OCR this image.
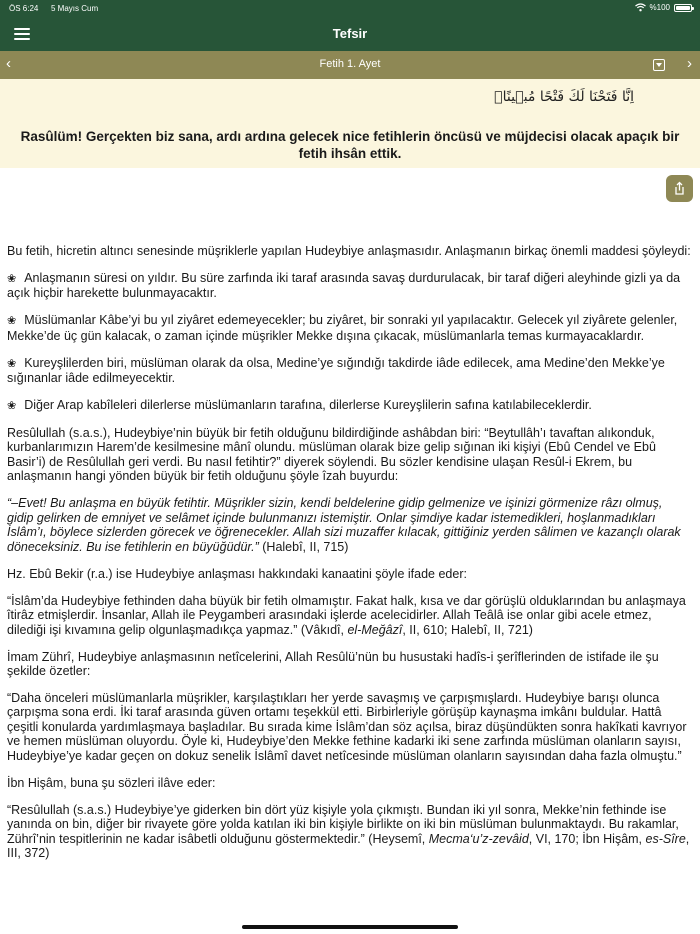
ÖS 6:24 5 Mayıs Cum	%100
Tefsir
‹	Fetih 1. Ayet	›
اِنَّا فَتَحْنَا لَكَ فَتْحًا مُبٖينًاۙ
Rasûlüm! Gerçekten biz sana, ardı ardına gelecek nice fetihlerin öncüsü ve müjdecisi olacak apaçık bir fetih ihsân ettik.

Bu fetih, hicretin altıncı senesinde müşriklerle yapılan Hudeybiye anlaşmasıdır. Anlaşmanın birkaç önemli maddesi şöyleydi:

❀ Anlaşmanın süresi on yıldır. Bu süre zarfında iki taraf arasında savaş durdurulacak, bir taraf diğeri aleyhinde gizli ya da açık hiçbir harekette bulunmayacaktır.

❀ Müslümanlar Kâbe’yi bu yıl ziyâret edemeyecekler; bu ziyâret, bir sonraki yıl yapılacaktır. Gelecek yıl ziyârete gelenler, Mekke’de üç gün kalacak, o zaman içinde müşrikler Mekke dışına çıkacak, müslümanlarla temas kurmayacaklardır.

❀ Kureyşlilerden biri, müslüman olarak da olsa, Medine’ye sığındığı takdirde iâde edilecek, ama Medine’den Mekke’ye sığınanlar iâde edilmeyecektir.

❀ Diğer Arap kabîleleri dilerlerse müslümanların tarafına, dilerlerse Kureyşlilerin safına katılabileceklerdir.

Resûlullah (s.a.s.), Hudeybiye’nin büyük bir fetih olduğunu bildirdiğinde ashâbdan biri: “Beytullâh’ı tavaftan alıkonduk, kurbanlarımızın Harem’de kesilmesine mânî olundu. müslüman olarak bize gelip sığınan iki kişiyi (Ebû Cendel ve Ebû Basir’i) de Resûlullah geri verdi. Bu nasıl fetihtir?” diyerek söylendi. Bu sözler kendisine ulaşan Resûl-i Ekrem, bu anlaşmanın hangi yönden büyük bir fetih olduğunu şöyle îzah buyurdu:

“–Evet! Bu anlaşma en büyük fetihtir. Müşrikler sizin, kendi beldelerine gidip gelmenize ve işinizi görmenize râzı olmuş, gidip gelirken de emniyet ve selâmet içinde bulunmanızı istemiştir. Onlar şimdiye kadar istemedikleri, hoşlanmadıkları İslâm’ı, böylece sizlerden görecek ve öğrenecekler. Allah sizi muzaffer kılacak, gittiğiniz yerden sâlimen ve kazançlı olarak döneceksiniz. Bu ise fetihlerin en büyüğüdür.” (Halebî, II, 715)

Hz. Ebû Bekir (r.a.) ise Hudeybiye anlaşması hakkındaki kanaatini şöyle ifade eder:

“İslâm’da Hudeybiye fethinden daha büyük bir fetih olmamıştır. Fakat halk, kısa ve dar görüşlü olduklarından bu anlaşmaya îtirâz etmişlerdir. İnsanlar, Allah ile Peygamberi arasındaki işlerde acelecidirler. Allah Teâlâ ise onlar gibi acele etmez, dilediği işi kıvamına gelip olgunlaşmadıkça yapmaz.” (Vâkıdî, el-Meğâzî, II, 610; Halebî, II, 721)

İmam Zührî, Hudeybiye anlaşmasının netîcelerini, Allah Resûlü’nün bu husustaki hadîs-i şerîflerinden de istifade ile şu şekilde özetler:

“Daha önceleri müslümanlarla müşrikler, karşılaştıkları her yerde savaşmış ve çarpışmışlardı. Hudeybiye barışı olunca çarpışma sona erdi. İki taraf arasında güven ortamı teşekkül etti. Birbirleriyle görüşüp kaynaşma imkânı buldular. Hattâ çeşitli konularda yardımlaşmaya başladılar. Bu sırada kime İslâm’dan söz açılsa, biraz düşündükten sonra hakîkati kavrıyor ve hemen müslüman oluyordu. Öyle ki, Hudeybiye’den Mekke fethine kadarki iki sene zarfında müslüman olanların sayısı, Hudeybiye’ye kadar geçen on dokuz senelik İslâmî davet netîcesinde müslüman olanların sayısından daha fazla olmuştu.”

İbn Hişâm, buna şu sözleri ilâve eder:

“Resûlullah (s.a.s.) Hudeybiye’ye giderken bin dört yüz kişiyle yola çıkmıştı. Bundan iki yıl sonra, Mekke’nin fethinde ise yanında on bin, diğer bir rivayete göre yolda katılan iki bin kişiyle birlikte on iki bin müslüman bulunmaktaydı. Bu rakamlar, Zührî’nin tespitlerinin ne kadar isâbetli olduğunu göstermektedir.” (Heysemî, Mecma‘u’z-zevâid, VI, 170; İbn Hişâm, es-Sîre, III, 372)
